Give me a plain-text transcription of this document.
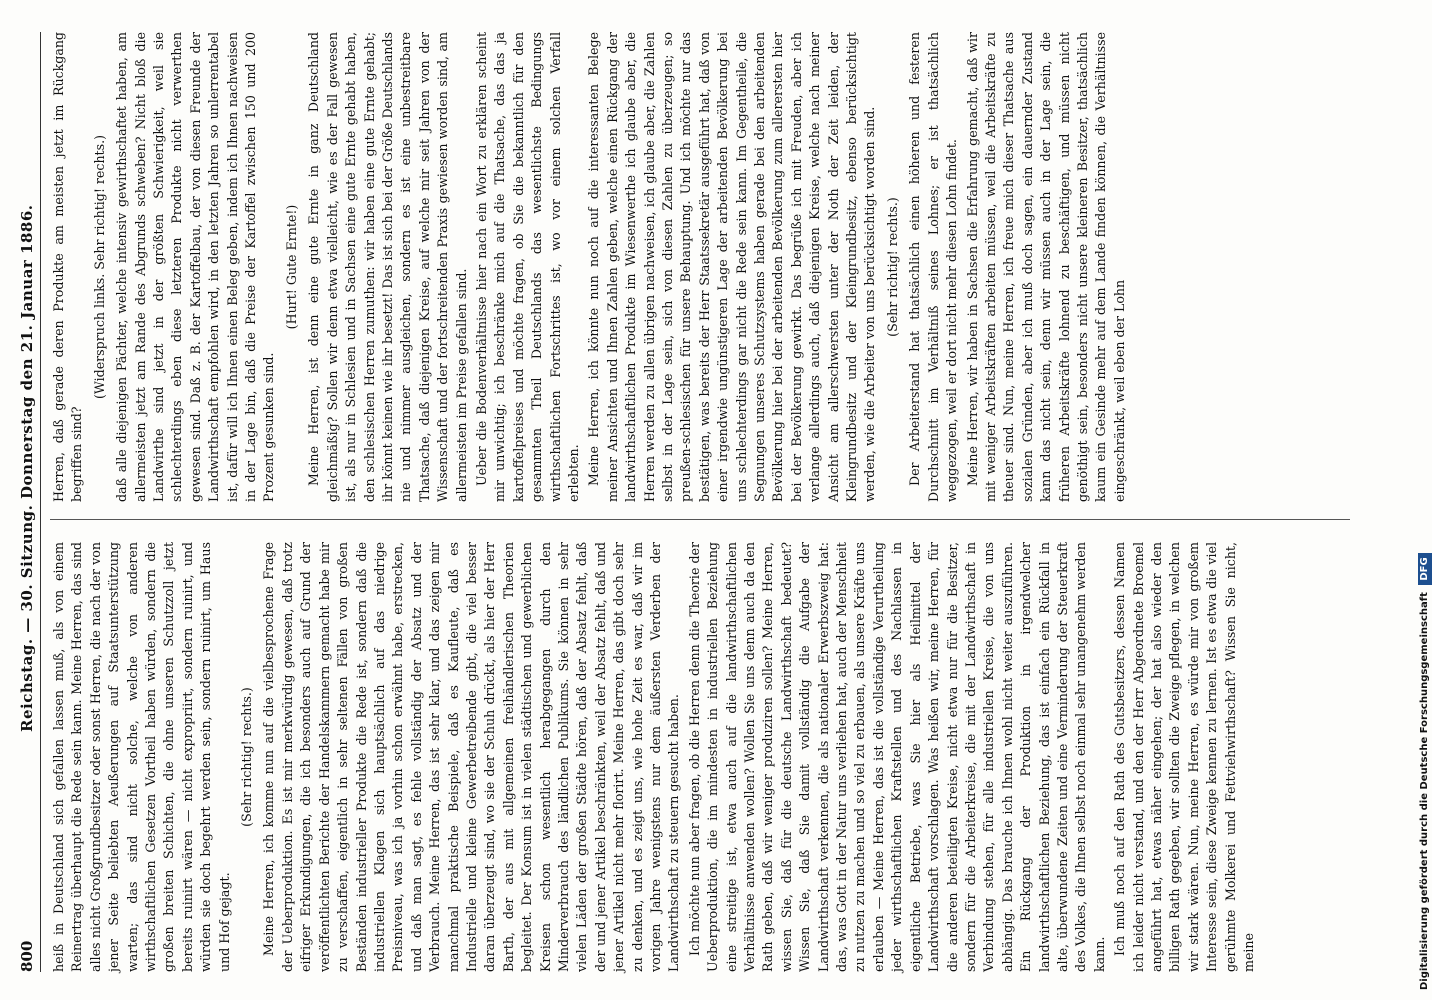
800
Reichstag. — 30. Sitzung. Donnerstag den 21. Januar 1886.

heiß in Deutschland sich gefallen lassen muß, als von einem Reinertrag überhaupt die Rede sein kann. Meine Herren, das sind alles nicht Großgrundbesitzer oder sonst Herren, die nach der von jener Seite beliebten Aeußerungen auf Staatsunterstützung warten; das sind nicht solche, welche von anderen wirthschaftlichen Gesetzen Vortheil haben würden, sondern die großen breiten Schichten, die ohne unseren Schutzzoll jetzt bereits ruinirt wären — nicht expropriirt, sondern ruinirt, und würden sie doch begehrt werden sein, sondern ruinirt, um Haus und Hof gejagt.

(Sehr richtig! rechts.) Meine Herren, ich komme nun auf die vielbesprochene Frage der Ueberproduktion. Es ist mir merkwürdig gewesen, daß trotz eifriger Erkundigungen, die ich besonders auch auf Grund der veröffentlichten Berichte der Handelskammern gemacht habe mir zu verschaffen, eigentlich in sehr seltenen Fällen von großen Beständen industrieller Produkte die Rede ist, sondern daß die industriellen Klagen sich hauptsächlich auf das niedrige Preisniveau, was ich ja vorhin schon erwähnt habe, erstrecken, und daß man sagt, es fehle vollständig der Absatz und der Verbrauch. Meine Herren, das ist sehr klar, und das zeigen mir manchmal praktische Beispiele, daß es Kaufleute, daß es Industrielle und kleine Gewerbetreibende gibt, die viel besser daran überzeugt sind, wo sie der Schuh drückt, als hier der Herr Barth, der aus mit allgemeinen freihändlerischen Theorien begleitet. Der Konsum ist in vielen städtischen und gewerblichen Kreisen schon wesentlich herabgegangen durch den Minderverbrauch des ländlichen Publikums. Sie können in sehr vielen Läden der großen Städte hören, daß der Absatz fehlt, daß der und jener Artikel beschränkten, weil der Absatz fehlt, daß und jener Artikel nicht mehr florirt. Meine Herren, das gibt doch sehr zu denken, und es zeigt uns, wie hohe Zeit es war, daß wir im vorigen Jahre wenigstens nur dem äußersten Verderben der Landwirthschaft zu steuern gesucht haben. Ich möchte nun aber fragen, ob die Herren denn die Theorie der Ueberproduktion, die im mindesten in industriellen Beziehung eine streitige ist, etwa auch auf die landwirthschaftlichen Verhältnisse anwenden wollen? Wollen Sie uns denn auch da den Rath geben, daß wir weniger produziren sollen? Meine Herren, wissen Sie, daß für die deutsche Landwirthschaft bedeutet? Wissen Sie, daß Sie damit vollständig die Aufgabe der Landwirthschaft verkennen, die als nationaler Erwerbszweig hat: das, was Gott in der Natur uns verliehen hat, auch der Menschheit zu nutzen zu machen und so viel zu erbauen, als unsere Kräfte uns erlauben — Meine Herren, das ist die vollständige Verurtheilung jeder wirthschaftlichen Kraftstellen und des Nachlassen in eigentliche Betriebe, was Sie hier als Heilmittel der Landwirthschaft vorschlagen. Was heißen wir, meine Herren, für die anderen beteiligten Kreise, nicht etwa nur für die Besitzer, sondern für die Arbeiterkreise, die mit der Landwirthschaft in Verbindung stehen, für alle industriellen Kreise, die von uns abhängig. Das brauche ich Ihnen wohl nicht weiter auszuführen. Ein Rückgang der Produktion in irgendwelcher landwirthschaftlichen Beziehung, das ist einfach ein Rückfall in alte, überwundene Zeiten und eine Verminderung der Steuerkraft des Volkes, die Ihnen selbst noch einmal sehr unangenehm werden kann. Ich muß noch auf den Rath des Gutsbesitzers, dessen Namen ich leider nicht verstand, und den der Herr Abgeordnete Broemel angeführt hat, etwas näher eingehen; der hat also wieder den billigen Rath gegeben, wir sollten die Zweige pflegen, in welchen wir stark wären. Nun, meine Herren, es würde mir von großem Interesse sein, diese Zweige kennen zu lernen. Ist es etwa die viel gerühmte Molkerei und Fettviehwirthschaft? Wissen Sie nicht, meine

Herren, daß gerade deren Produkte am meisten jetzt im Rückgang begriffen sind?

(Widerspruch links. Sehr richtig! rechts.) daß alle diejenigen Pächter, welche intensiv gewirthschaftet haben, am allermeisten jetzt am Rande des Abgrunds schweben? Nicht bloß die Landwirthe sind jetzt in der größten Schwierigkeit, weil sie schlechterdings eben diese letzteren Produkte nicht verwerthen gewesen sind. Daß z. B. der Kartoffelbau, der von diesen Freunde der Landwirthschaft empfohlen wird, in den letzten Jahren so unlerrentabel ist, dafür will ich Ihnen einen Beleg geben, indem ich Ihnen nachweisen in der Lage bin, daß die Preise der Kartoffel zwischen 150 und 200 Prozent gesunken sind.

(Hurt! Gute Ernte!) Meine Herren, ist denn eine gute Ernte in ganz Deutschland gleichmäßig? Sollen wir denn etwa vielleicht, wie es der Fall gewesen ist, als nur in Schlesien und in Sachsen eine gute Ernte gehabt haben, den schlesischen Herren zumuthen: wir haben eine gute Ernte gehabt; ihr könnt keinen wie ihr besetzt! Das ist sich bei der Größe Deutschlands nie und nimmer ausgleichen, sondern es ist eine unbestreitbare Thatsache, daß diejenigen Kreise, auf welche mir seit Jahren von der Wissenschaft und der fortschreitenden Praxis gewiesen worden sind, am allermeisten im Preise gefallen sind. Ueber die Bodenverhältnisse hier nach ein Wort zu erklären scheint mir unwichtig; ich beschränke mich auf die Thatsache, das das ja kartoffelpreises und möchte fragen, ob Sie die bekanntlich für den gesammten Theil Deutschlands das wesentlichste Bedingungs wirthschaftlichen Fortschrittes ist, wo vor einem solchen Verfall erlebten. Meine Herren, ich könnte nun noch auf die interessanten Belege meiner Ansichten und Ihnen Zahlen geben, welche einen Rückgang der landwirthschaftlichen Produkte im Wiesenwerthe ich glaube aber, die Herren werden zu allen übrigen nachweisen, ich glaube aber, die Zahlen selbst in der Lage sein, sich von diesen Zahlen zu überzeugen; so preußen-schlesischen für unsere Behauptung. Und ich möchte nur das bestätigen, was bereits der Herr Staatssekretär ausgeführt hat, daß von einer irgendwie ungünstigeren Lage der arbeitenden Bevölkerung bei uns schlechterdings gar nicht die Rede sein kann. Im Gegentheile, die Segnungen unseres Schutzsystems haben gerade bei den arbeitenden Bevölkerung hier bei der arbeitenden Bevölkerung zum allerersten hier bei der Bevölkerung gewirkt. Das begrüße ich mit Freuden, aber ich verlange allerdings auch, daß diejenigen Kreise, welche nach meiner Ansicht am allerschwersten unter der Noth der Zeit leiden, der Kleingrundbesitz und der Kleingrundbesitz, ebenso berücksichtigt werden, wie die Arbeiter von uns berücksichtigt worden sind. (Sehr richtig! rechts.) Der Arbeiterstand hat thatsächlich einen höheren und festeren Durchschnitt im Verhältniß seines Lohnes; er ist thatsächlich weggezogen, weil er dort nicht mehr diesen Lohn findet. Meine Herren, wir haben in Sachsen die Erfahrung gemacht, daß wir mit weniger Arbeitskräften arbeiten müssen, weil die Arbeitskräfte zu theuer sind. Nun, meine Herren, ich freue mich dieser Thatsache aus sozialen Gründen, aber ich muß doch sagen, ein dauernder Zustand kann das nicht sein, denn wir müssen auch in der Lage sein, die früheren Arbeitskräfte lohnend zu beschäftigen, und müssen nicht genöthigt sein, besonders nicht unsere kleineren Besitzer, thatsächlich kaum ein Gesinde mehr auf dem Lande finden können, die Verhältnisse eingeschränkt, weil eben der Lohn

Digitalisierung gefördert durch die Deutsche Forschungsgemeinschaft DFG
